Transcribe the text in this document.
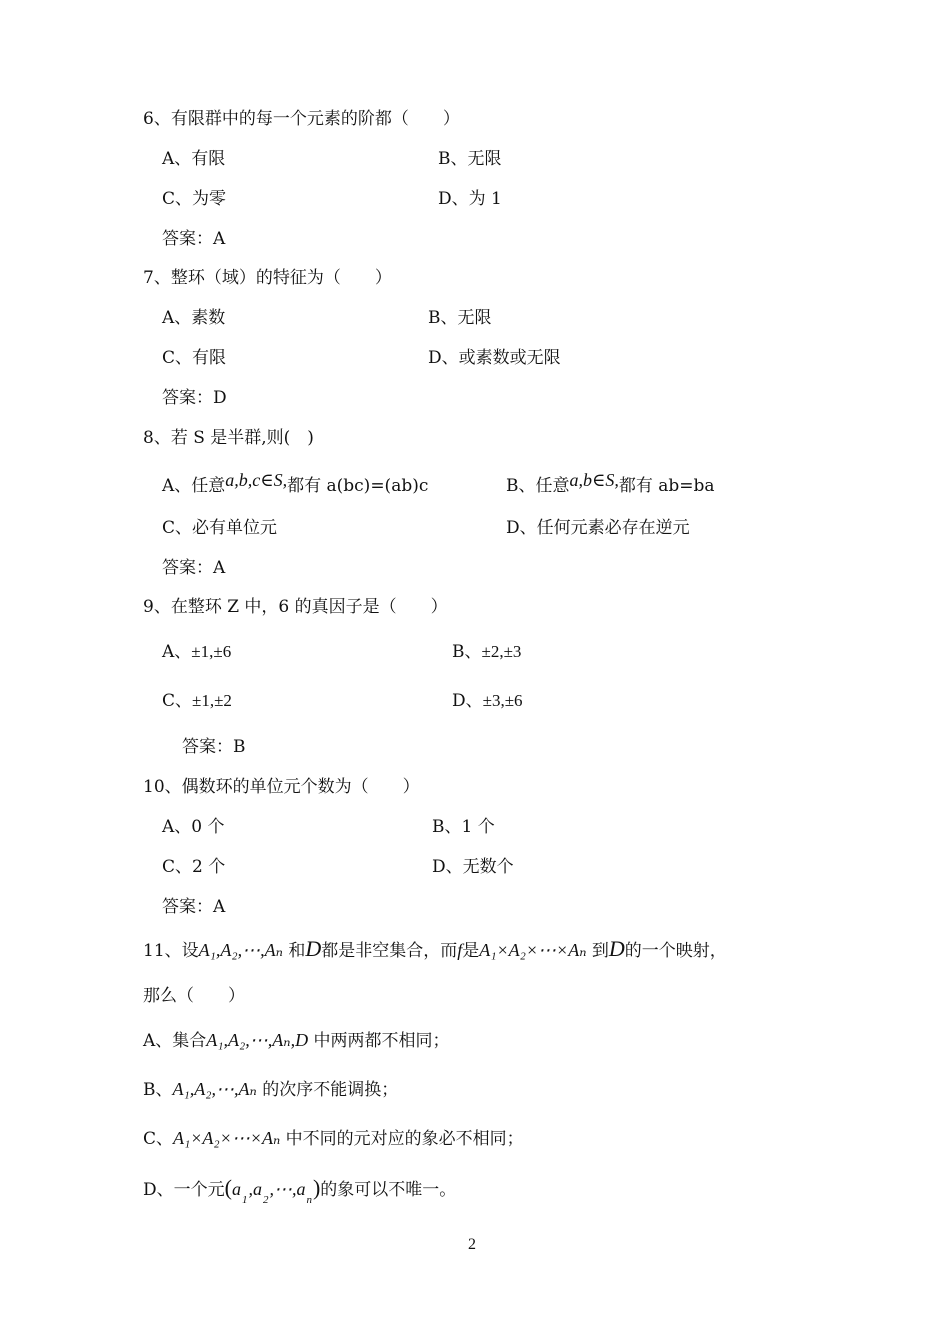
6、有限群中的每一个元素的阶都（　　）
A、有限	B、无限
C、为零	D、为 1
答案：A
7、整环（域）的特征为（　　）
A、素数	B、无限
C、有限	D、或素数或无限
答案：D
8、若 S 是半群,则(　)
A、任意a,b,c∈S,都有 a(bc)=(ab)c	B、任意a,b∈S,都有 ab=ba
C、必有单位元	D、任何元素必存在逆元
答案：A
9、在整环 Z 中，6 的真因子是（　　）
A、±1,±6	B、±2,±3
C、±1,±2	D、±3,±6
答案：B
10、偶数环的单位元个数为（　　）
A、0 个	B、1 个
C、2 个	D、无数个
答案：A
11、设A₁,A₂,⋯,Aₙ 和D都是非空集合，而f是A₁×A₂×⋯×Aₙ 到D的一个映射，
那么（　　）
A、集合A₁,A₂,⋯,Aₙ,D 中两两都不相同；
B、A₁,A₂,⋯,Aₙ 的次序不能调换；
C、A₁×A₂×⋯×Aₙ 中不同的元对应的象必不相同；
D、一个元$(a_1,a_2,\cdots,a_n)$的象可以不唯一。
2
